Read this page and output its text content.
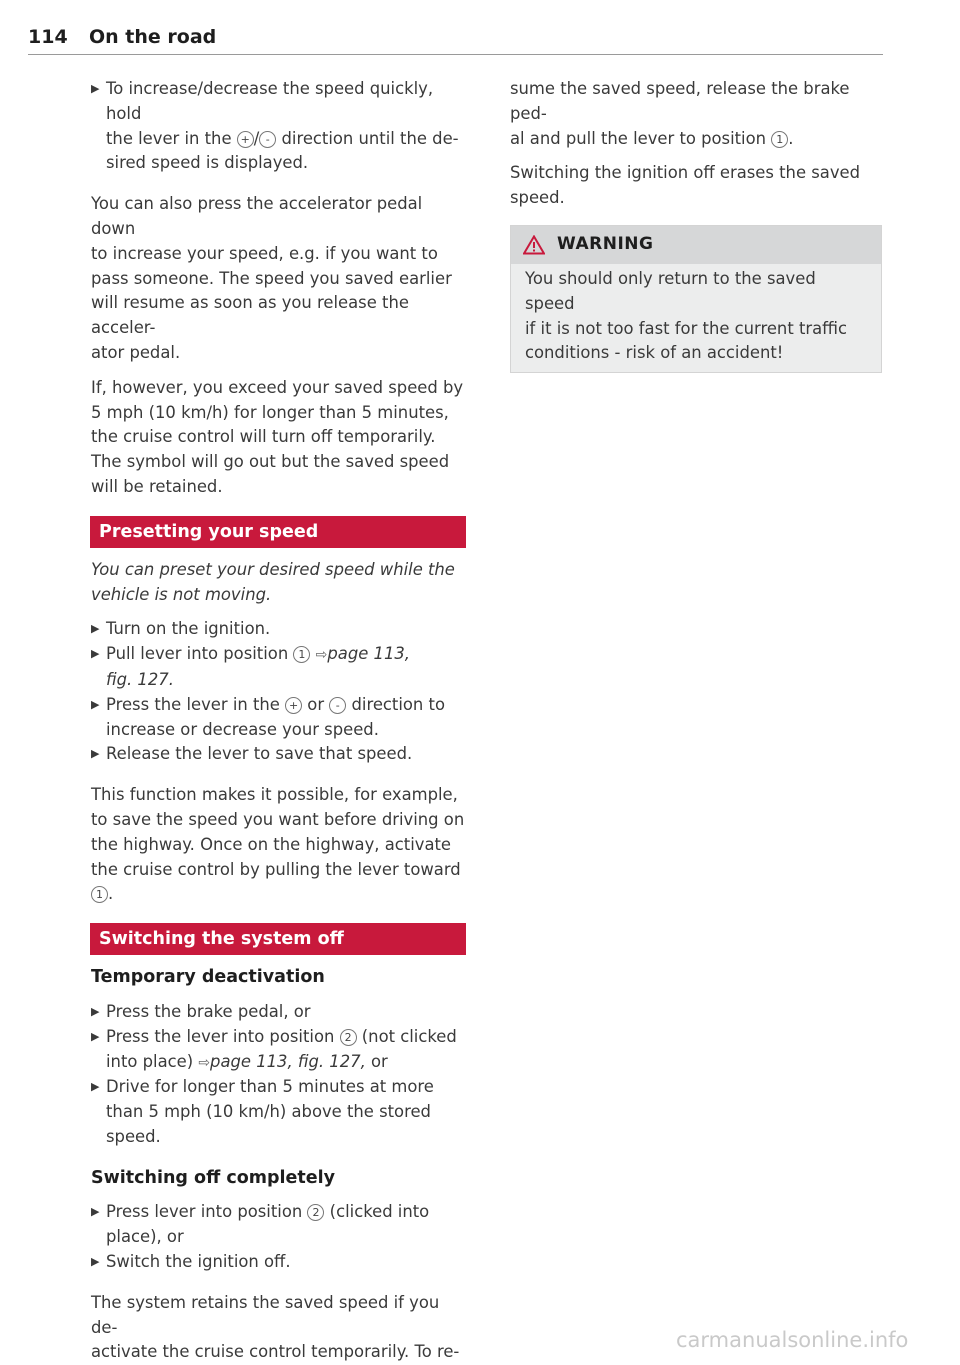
114 On the road
▶ To increase/decrease the speed quickly, hold
the lever in the + / - direction until the de-
sired speed is displayed.

You can also press the accelerator pedal down
to increase your speed, e.g. if you want to
pass someone. The speed you saved earlier
will resume as soon as you release the acceler-
ator pedal.

If, however, you exceed your saved speed by
5 mph (10 km/h) for longer than 5 minutes,
the cruise control will turn off temporarily.
The symbol will go out but the saved speed
will be retained.

Presetting your speed

You can preset your desired speed while the
vehicle is not moving.

▶ Turn on the ignition.
▶ Pull lever into position 1 ⇨page 113,
fig. 127.
▶ Press the lever in the + or - direction to
increase or decrease your speed.
▶ Release the lever to save that speed.

This function makes it possible, for example,
to save the speed you want before driving on
the highway. Once on the highway, activate
the cruise control by pulling the lever toward
1 .

Switching the system off
Temporary deactivation
▶ Press the brake pedal, or
▶ Press the lever into position 2 (not clicked
into place) ⇨page 113, fig. 127, or
▶ Drive for longer than 5 minutes at more
than 5 mph (10 km/h) above the stored
speed.
Switching off completely
▶ Press lever into position 2 (clicked into
place), or
▶ Switch the ignition off.

The system retains the saved speed if you de-
activate the cruise control temporarily. To re-

sume the saved speed, release the brake ped-
al and pull the lever to position 1 .

Switching the ignition off erases the saved
speed.

WARNING
You should only return to the saved speed
if it is not too fast for the current traffic
conditions - risk of an accident!
carmanualsonline.info
